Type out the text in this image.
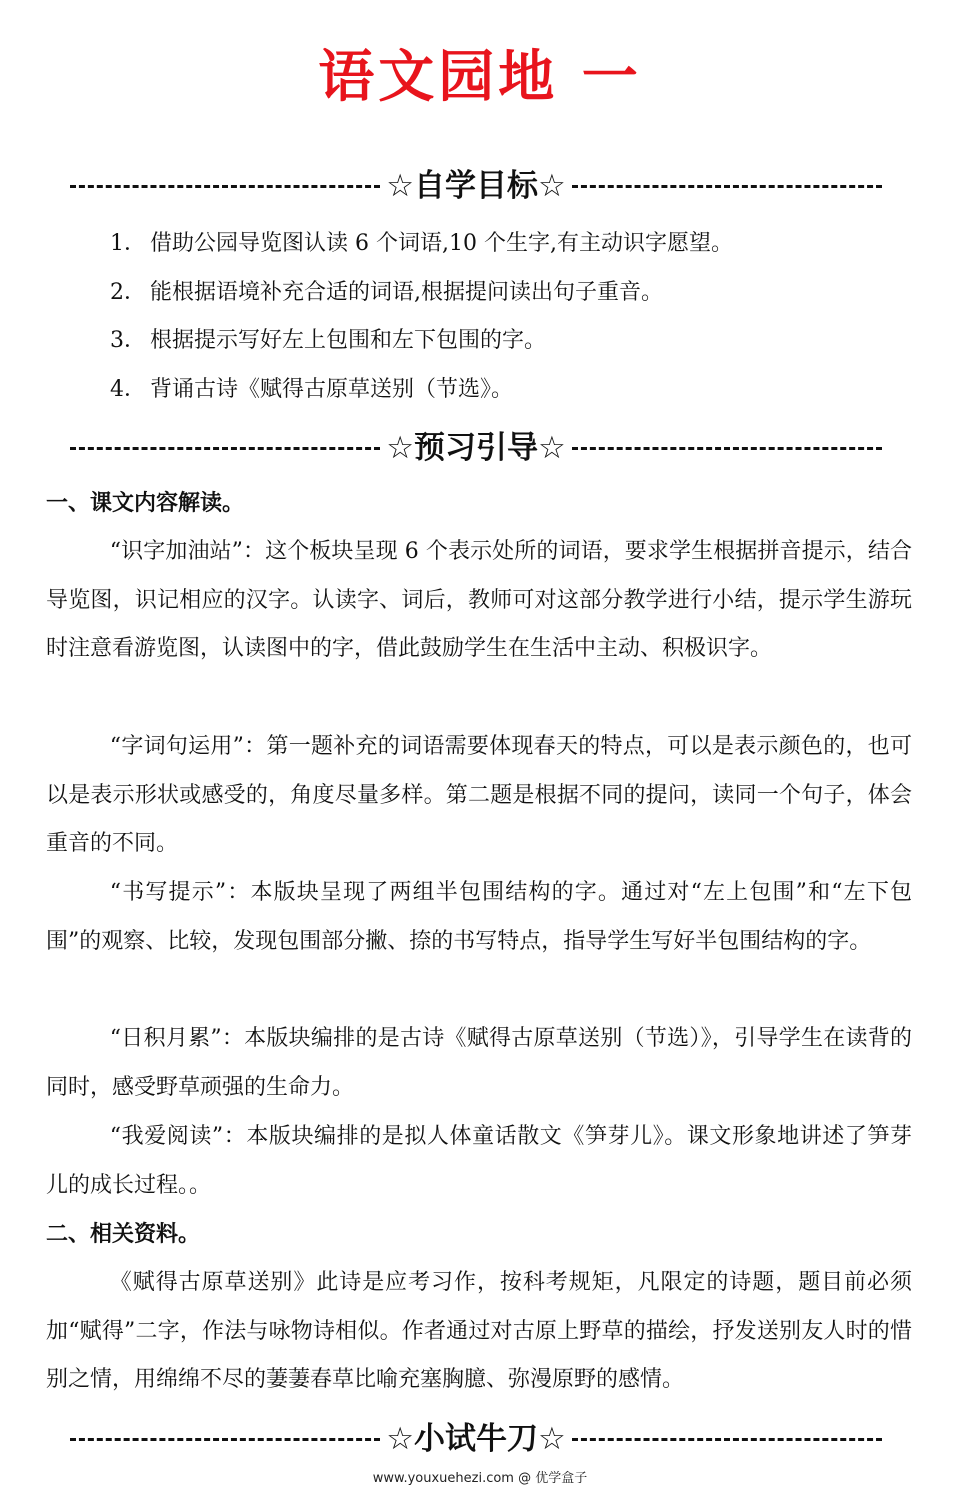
语文园地 一
☆自学目标☆
1． 借助公园导览图认读 6 个词语,10 个生字,有主动识字愿望。
2． 能根据语境补充合适的词语,根据提问读出句子重音。
3． 根据提示写好左上包围和左下包围的字。
4． 背诵古诗《赋得古原草送别（节选》。
☆预习引导☆
一、课文内容解读。
“识字加油站”：这个板块呈现 6 个表示处所的词语，要求学生根据拼音提示，结合导览图，识记相应的汉字。认读字、词后，教师可对这部分教学进行小结，提示学生游玩时注意看游览图，认读图中的字，借此鼓励学生在生活中主动、积极识字。
“字词句运用”：第一题补充的词语需要体现春天的特点，可以是表示颜色的，也可以是表示形状或感受的，角度尽量多样。第二题是根据不同的提问，读同一个句子，体会重音的不同。
“书写提示”：本版块呈现了两组半包围结构的字。通过对“左上包围”和“左下包围”的观察、比较，发现包围部分撇、捺的书写特点，指导学生写好半包围结构的字。
“日积月累”：本版块编排的是古诗《赋得古原草送别（节选）》，引导学生在读背的同时，感受野草顽强的生命力。
“我爱阅读”：本版块编排的是拟人体童话散文《笋芽儿》。课文形象地讲述了笋芽儿的成长过程。。
二、相关资料。
《赋得古原草送别》此诗是应考习作，按科考规矩，凡限定的诗题，题目前必须加“赋得”二字，作法与咏物诗相似。作者通过对古原上野草的描绘，抒发送别友人时的惜别之情，用绵绵不尽的萋萋春草比喻充塞胸臆、弥漫原野的感情。
☆小试牛刀☆
www.youxuehezi.com @ 优学盒子
